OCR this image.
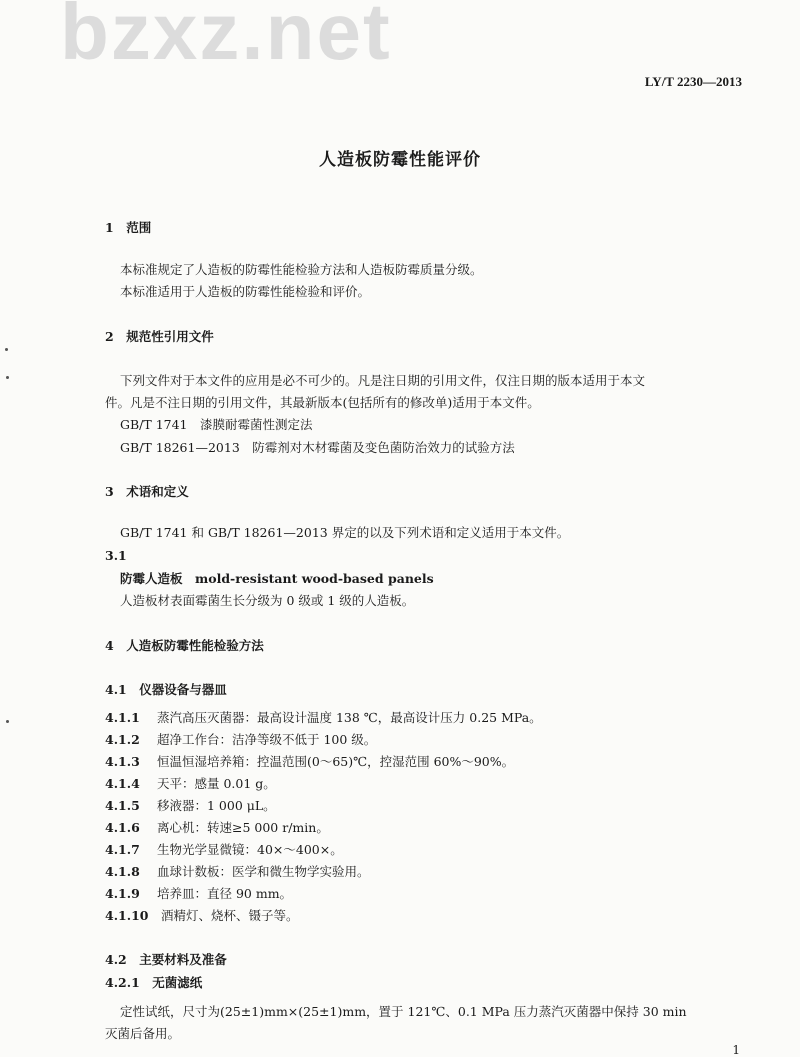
bzxz.net
LY/T 2230—2013
人造板防霉性能评价
1　范围
本标准规定了人造板的防霉性能检验方法和人造板防霉质量分级。
本标准适用于人造板的防霉性能检验和评价。
2　规范性引用文件
下列文件对于本文件的应用是必不可少的。凡是注日期的引用文件，仅注日期的版本适用于本文
件。凡是不注日期的引用文件，其最新版本(包括所有的修改单)适用于本文件。
GB/T 1741　漆膜耐霉菌性测定法
GB/T 18261—2013　防霉剂对木材霉菌及变色菌防治效力的试验方法
3　术语和定义
GB/T 1741 和 GB/T 18261—2013 界定的以及下列术语和定义适用于本文件。
3.1
防霉人造板　mold-resistant wood-based panels
人造板材表面霉菌生长分级为 0 级或 1 级的人造板。
4　人造板防霉性能检验方法
4.1　仪器设备与器皿
4.1.1 蒸汽高压灭菌器：最高设计温度 138 ℃，最高设计压力 0.25 MPa。
4.1.2 超净工作台：洁净等级不低于 100 级。
4.1.3 恒温恒湿培养箱：控温范围(0～65)℃，控湿范围 60%～90%。
4.1.4 天平：感量 0.01 g。
4.1.5 移液器：1 000 μL。
4.1.6 离心机：转速≥5 000 r/min。
4.1.7 生物光学显微镜：40×～400×。
4.1.8 血球计数板：医学和微生物学实验用。
4.1.9 培养皿：直径 90 mm。
4.1.10 酒精灯、烧杯、镊子等。
4.2　主要材料及准备
4.2.1　无菌滤纸
定性试纸，尺寸为(25±1)mm×(25±1)mm，置于 121℃、0.1 MPa 压力蒸汽灭菌器中保持 30 min
灭菌后备用。
1
